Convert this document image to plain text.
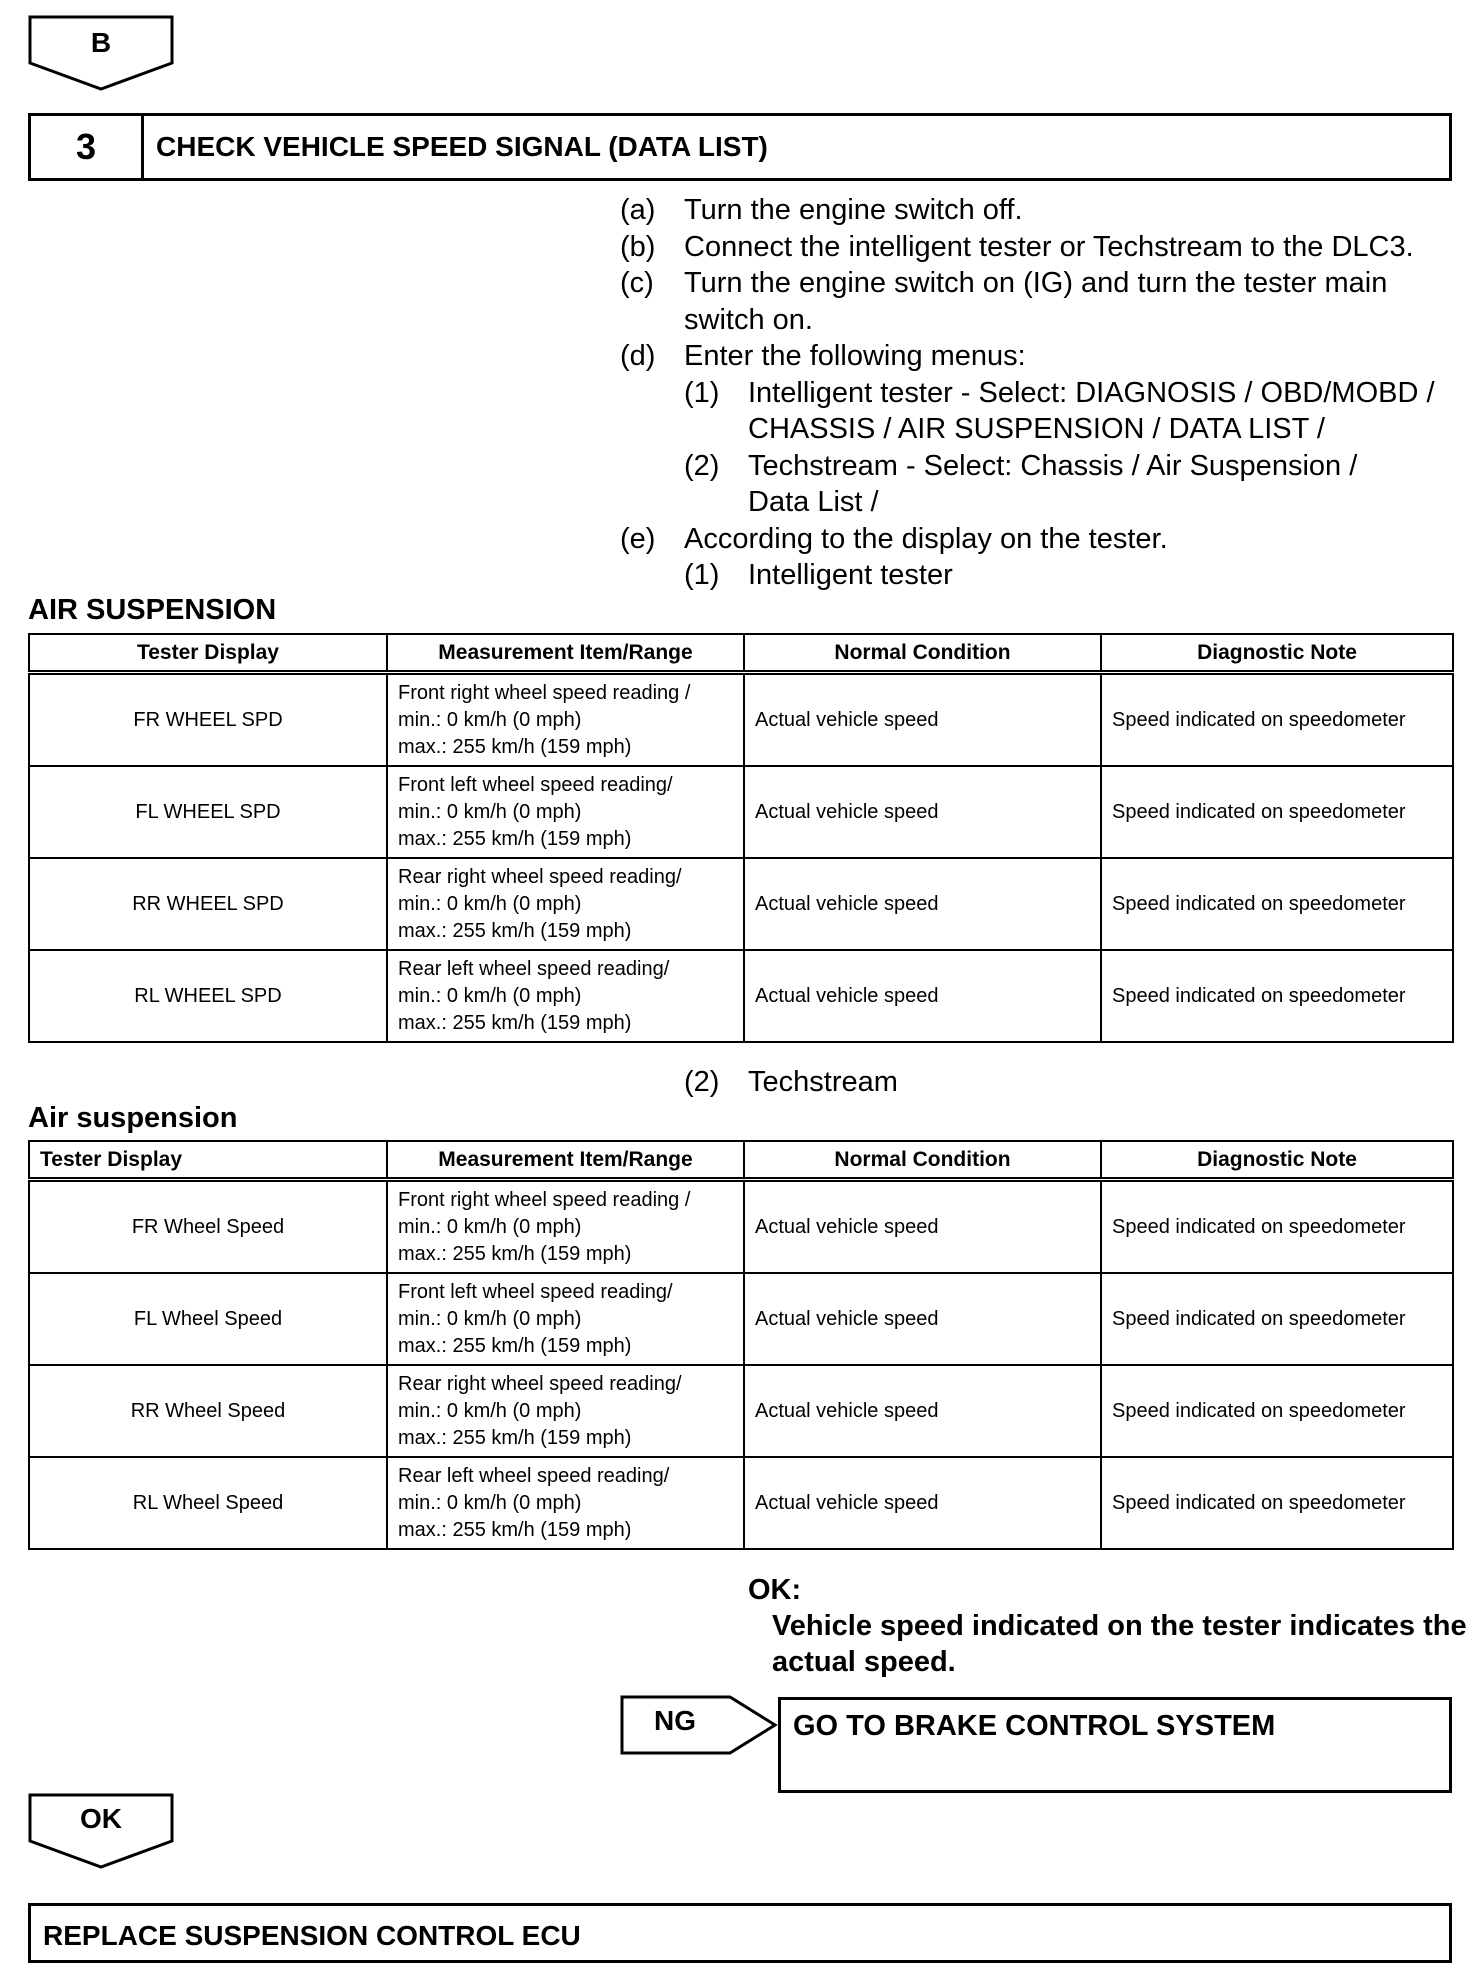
B
3	CHECK VEHICLE SPEED SIGNAL (DATA LIST)
(a) Turn the engine switch off.
(b) Connect the intelligent tester or Techstream to the DLC3.
(c)	Turn the engine switch on (IG) and turn the tester main switch on.
(d) Enter the following menus:
(1) Intelligent tester - Select: DIAGNOSIS / OBD/MOBD / CHASSIS / AIR SUSPENSION / DATA LIST /
(2) Techstream - Select: Chassis / Air Suspension / Data List /
(e) According to the display on the tester.
(1) Intelligent tester
AIR SUSPENSION
Tester Display	Measurement Item/Range	Normal Condition	Diagnostic Note
FR WHEEL SPD	Front right wheel speed reading /
min.: 0 km/h (0 mph)
max.: 255 km/h (159 mph)	Actual vehicle speed	Speed indicated on speedometer
FL WHEEL SPD	Front left wheel speed reading/
min.: 0 km/h (0 mph)
max.: 255 km/h (159 mph)	Actual vehicle speed	Speed indicated on speedometer
RR WHEEL SPD	Rear right wheel speed reading/
min.: 0 km/h (0 mph)
max.: 255 km/h (159 mph)	Actual vehicle speed	Speed indicated on speedometer
RL WHEEL SPD	Rear left wheel speed reading/
min.: 0 km/h (0 mph)
max.: 255 km/h (159 mph)	Actual vehicle speed	Speed indicated on speedometer
(2) Techstream
Air suspension
Tester Display	Measurement Item/Range	Normal Condition	Diagnostic Note
FR Wheel Speed	Front right wheel speed reading /
min.: 0 km/h (0 mph)
max.: 255 km/h (159 mph)	Actual vehicle speed	Speed indicated on speedometer
FL Wheel Speed	Front left wheel speed reading/
min.: 0 km/h (0 mph)
max.: 255 km/h (159 mph)	Actual vehicle speed	Speed indicated on speedometer
RR Wheel Speed	Rear right wheel speed reading/
min.: 0 km/h (0 mph)
max.: 255 km/h (159 mph)	Actual vehicle speed	Speed indicated on speedometer
RL Wheel Speed	Rear left wheel speed reading/
min.: 0 km/h (0 mph)
max.: 255 km/h (159 mph)	Actual vehicle speed	Speed indicated on speedometer
OK:
Vehicle speed indicated on the tester indicates the actual speed.
NG	GO TO BRAKE CONTROL SYSTEM
OK
REPLACE SUSPENSION CONTROL ECU
